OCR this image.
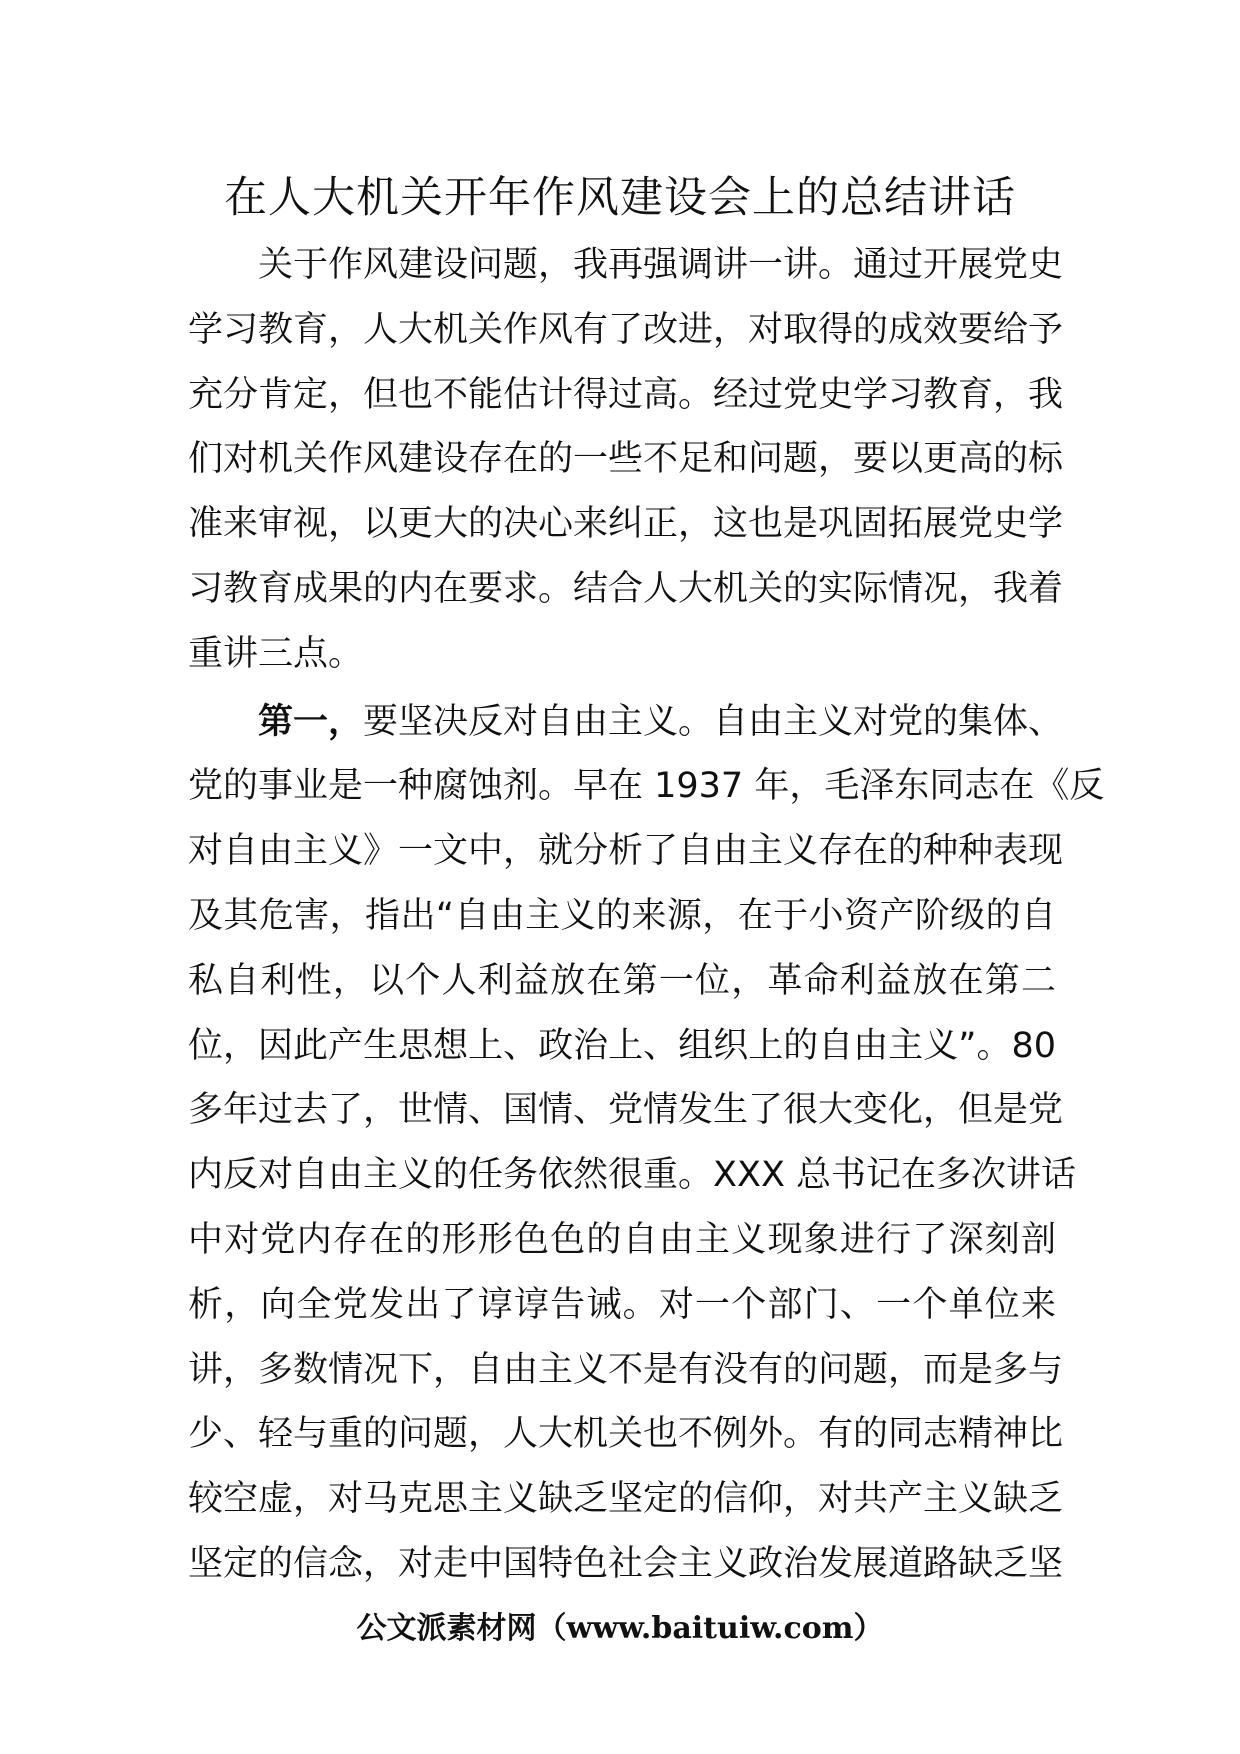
在人大机关开年作风建设会上的总结讲话
关于作风建设问题，我再强调讲一讲。通过开展党史
学习教育，人大机关作风有了改进，对取得的成效要给予
充分肯定，但也不能估计得过高。经过党史学习教育，我
们对机关作风建设存在的一些不足和问题，要以更高的标
准来审视，以更大的决心来纠正，这也是巩固拓展党史学
习教育成果的内在要求。结合人大机关的实际情况，我着
重讲三点。
第一，要坚决反对自由主义。自由主义对党的集体、
党的事业是一种腐蚀剂。早在 1937 年，毛泽东同志在《反
对自由主义》一文中，就分析了自由主义存在的种种表现
及其危害，指出“自由主义的来源，在于小资产阶级的自
私自利性，以个人利益放在第一位，革命利益放在第二
位，因此产生思想上、政治上、组织上的自由主义”。80
多年过去了，世情、国情、党情发生了很大变化，但是党
内反对自由主义的任务依然很重。XXX 总书记在多次讲话
中对党内存在的形形色色的自由主义现象进行了深刻剖
析，向全党发出了谆谆告诫。对一个部门、一个单位来
讲，多数情况下，自由主义不是有没有的问题，而是多与
少、轻与重的问题，人大机关也不例外。有的同志精神比
较空虚，对马克思主义缺乏坚定的信仰，对共产主义缺乏
坚定的信念，对走中国特色社会主义政治发展道路缺乏坚
公文派素材网（www.baituiw.com）
